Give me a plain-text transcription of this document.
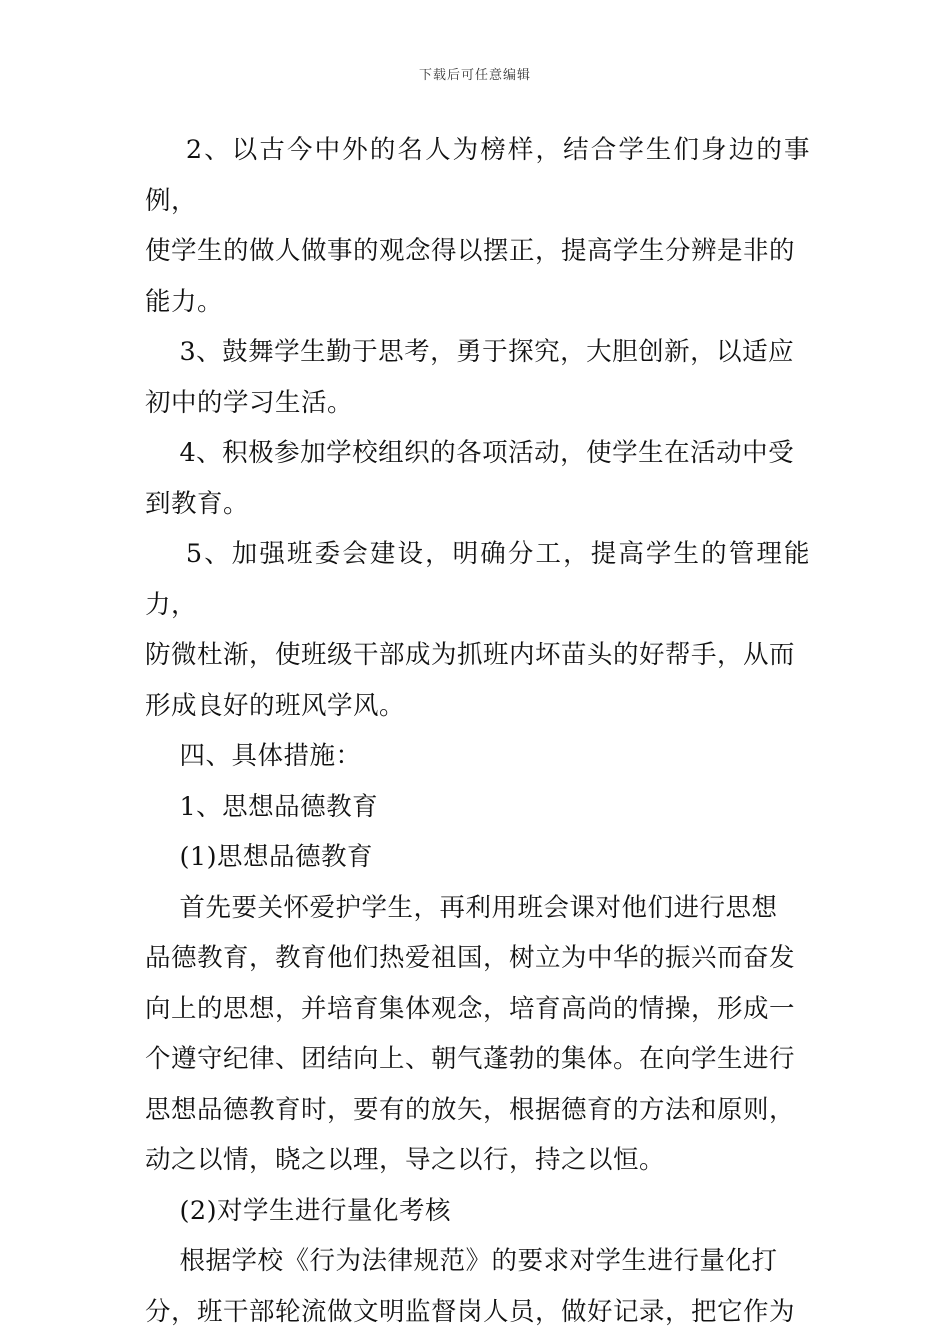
下载后可任意编辑

2、以古今中外的名人为榜样，结合学生们身边的事例，

使学生的做人做事的观念得以摆正，提高学生分辨是非的

能力。

3、鼓舞学生勤于思考，勇于探究，大胆创新，以适应

初中的学习生活。

4、积极参加学校组织的各项活动，使学生在活动中受

到教育。

5、加强班委会建设，明确分工，提高学生的管理能力，

防微杜渐，使班级干部成为抓班内坏苗头的好帮手，从而

形成良好的班风学风。

四、具体措施：

1、思想品德教育

(1)思想品德教育

首先要关怀爱护学生，再利用班会课对他们进行思想

品德教育，教育他们热爱祖国，树立为中华的振兴而奋发

向上的思想，并培育集体观念，培育高尚的情操，形成一

个遵守纪律、团结向上、朝气蓬勃的集体。在向学生进行

思想品德教育时，要有的放矢，根据德育的方法和原则，

动之以情，晓之以理，导之以行，持之以恒。

(2)对学生进行量化考核

根据学校《行为法律规范》的要求对学生进行量化打

分，班干部轮流做文明监督岗人员，做好记录，把它作为
